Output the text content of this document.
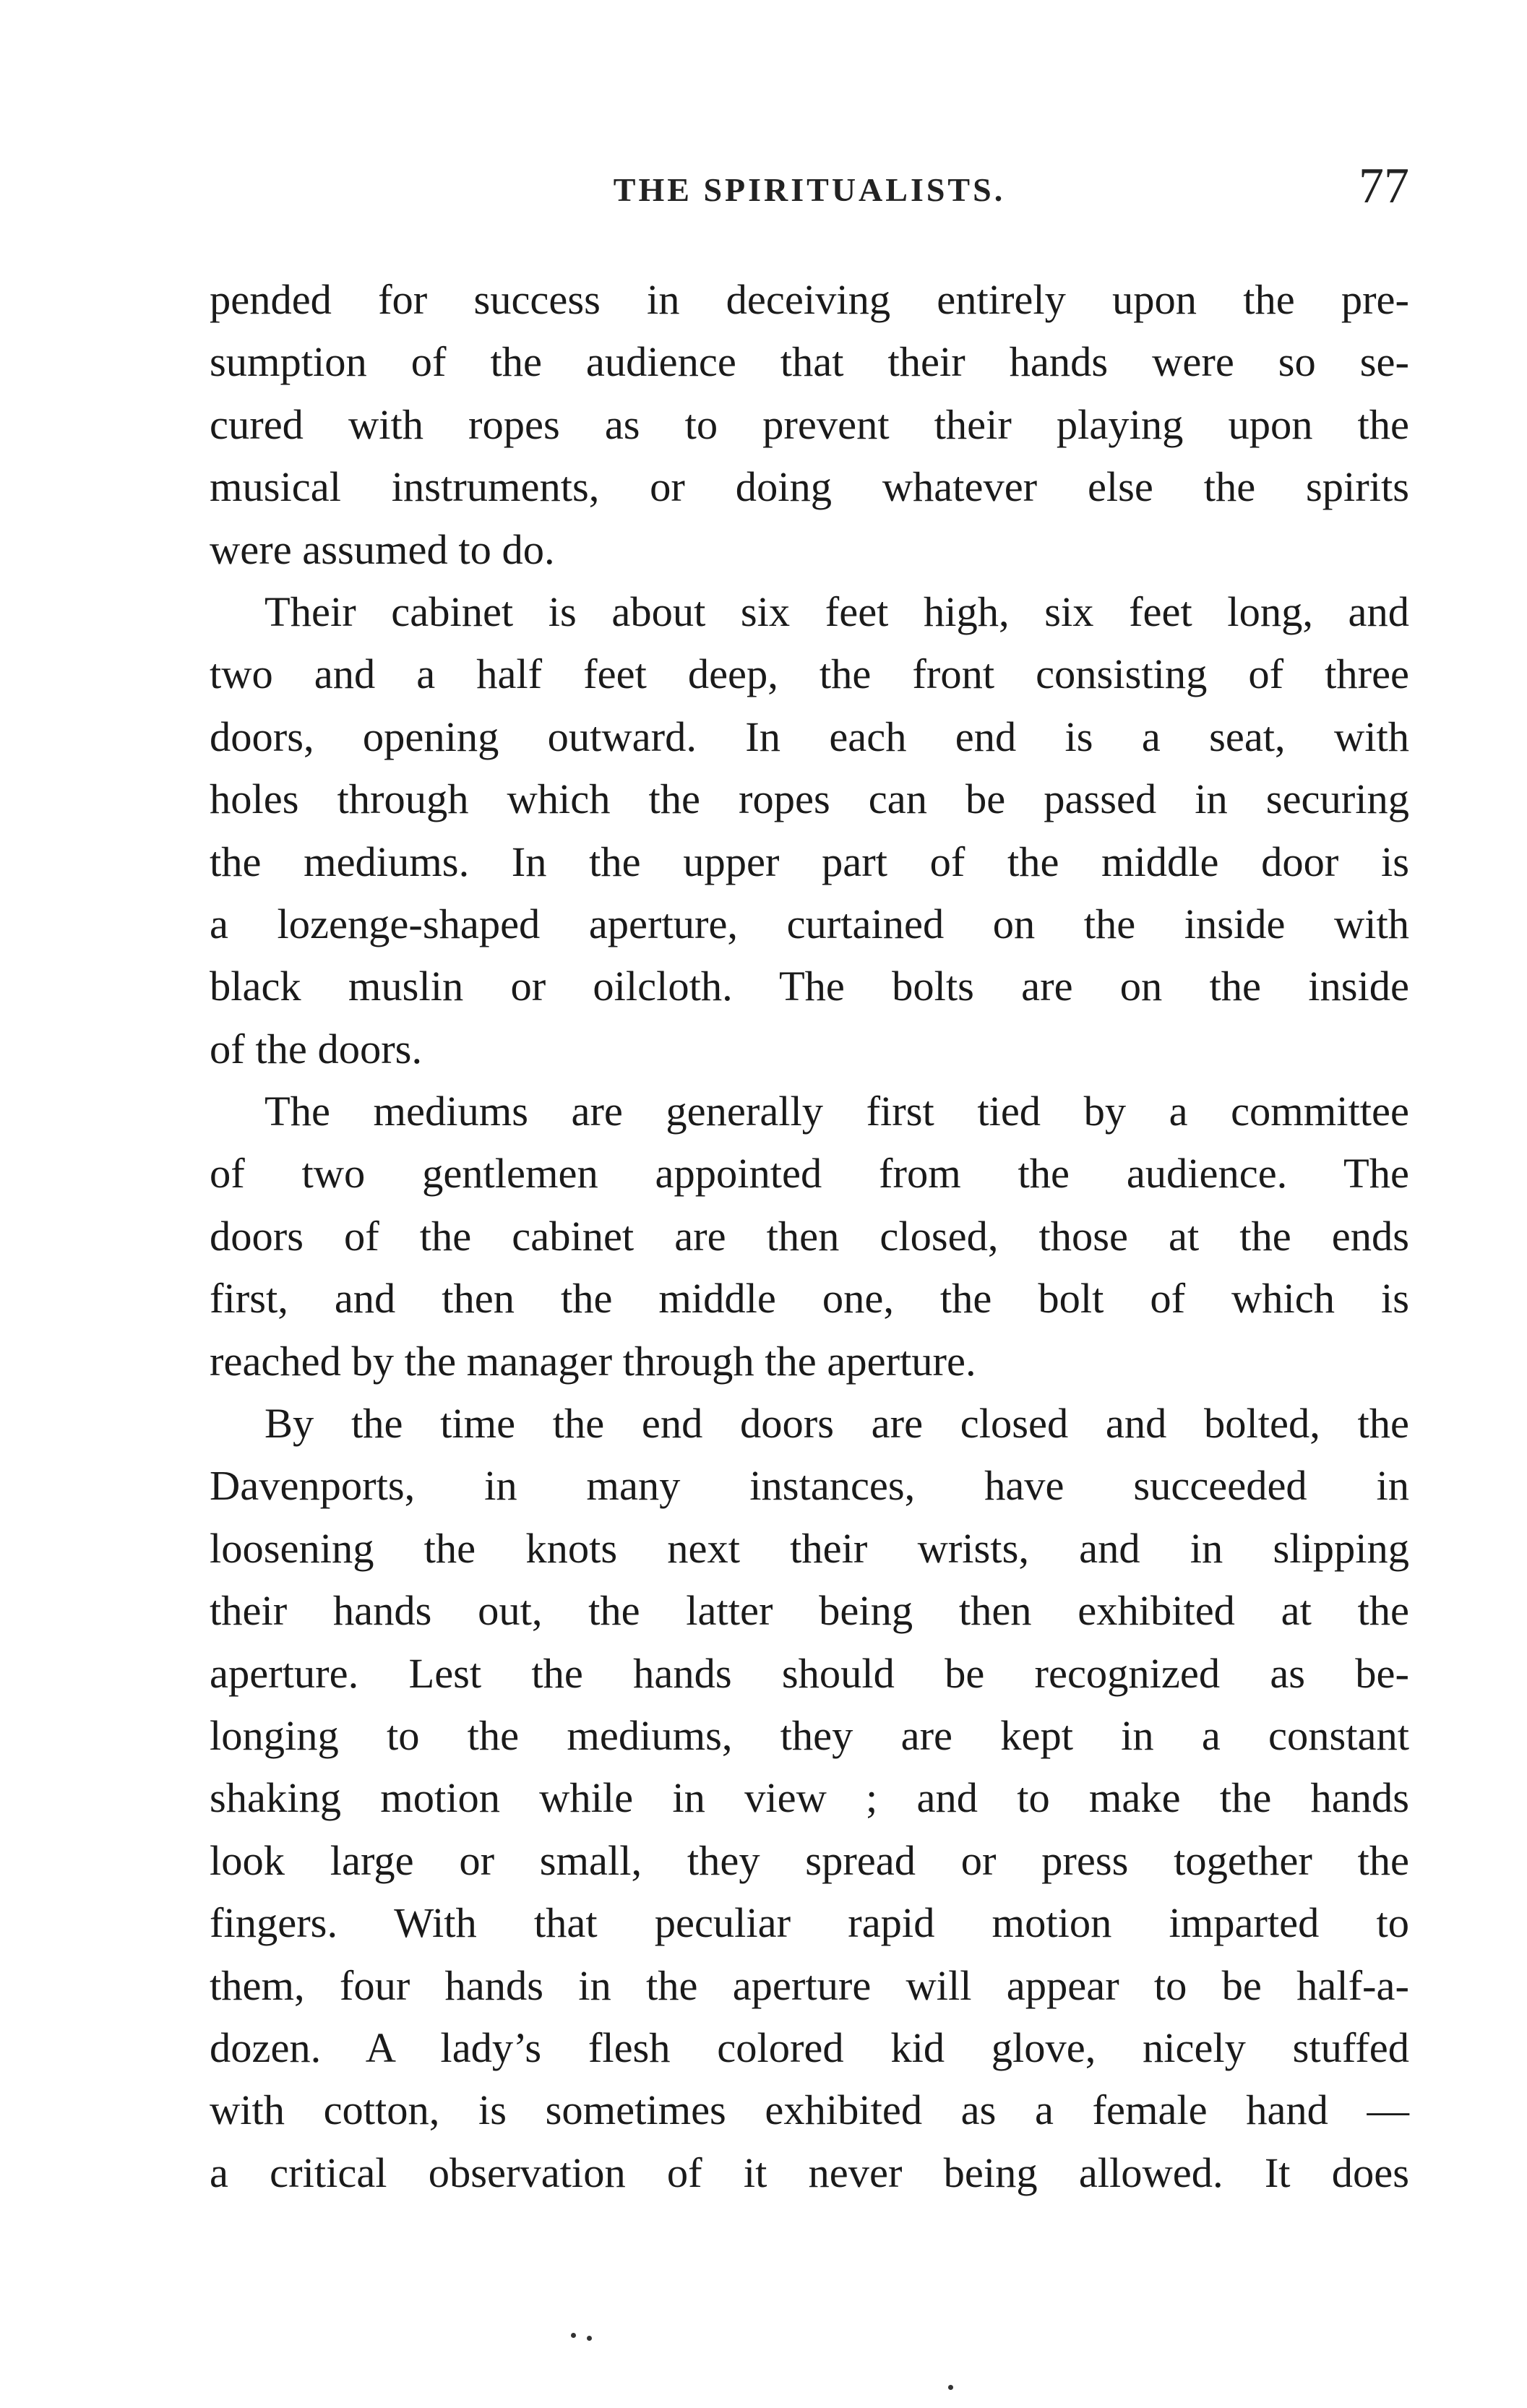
THE SPIRITUALISTS.	77
pended for success in deceiving entirely upon the pre-
sumption of the audience that their hands were so se-
cured with ropes as to prevent their playing upon the
musical instruments, or doing whatever else the spirits
were assumed to do.
Their cabinet is about six feet high, six feet long, and
two and a half feet deep, the front consisting of three
doors, opening outward. In each end is a seat, with
holes through which the ropes can be passed in securing
the mediums. In the upper part of the middle door is
a lozenge-shaped aperture, curtained on the inside with
black muslin or oilcloth. The bolts are on the inside
of the doors.
The mediums are generally first tied by a committee
of two gentlemen appointed from the audience. The
doors of the cabinet are then closed, those at the ends
first, and then the middle one, the bolt of which is
reached by the manager through the aperture.
By the time the end doors are closed and bolted, the
Davenports, in many instances, have succeeded in
loosening the knots next their wrists, and in slipping
their hands out, the latter being then exhibited at the
aperture. Lest the hands should be recognized as be-
longing to the mediums, they are kept in a constant
shaking motion while in view ; and to make the hands
look large or small, they spread or press together the
fingers. With that peculiar rapid motion imparted to
them, four hands in the aperture will appear to be half-a-
dozen. A lady’s flesh colored kid glove, nicely stuffed
with cotton, is sometimes exhibited as a female hand —
a critical observation of it never being allowed. It does
